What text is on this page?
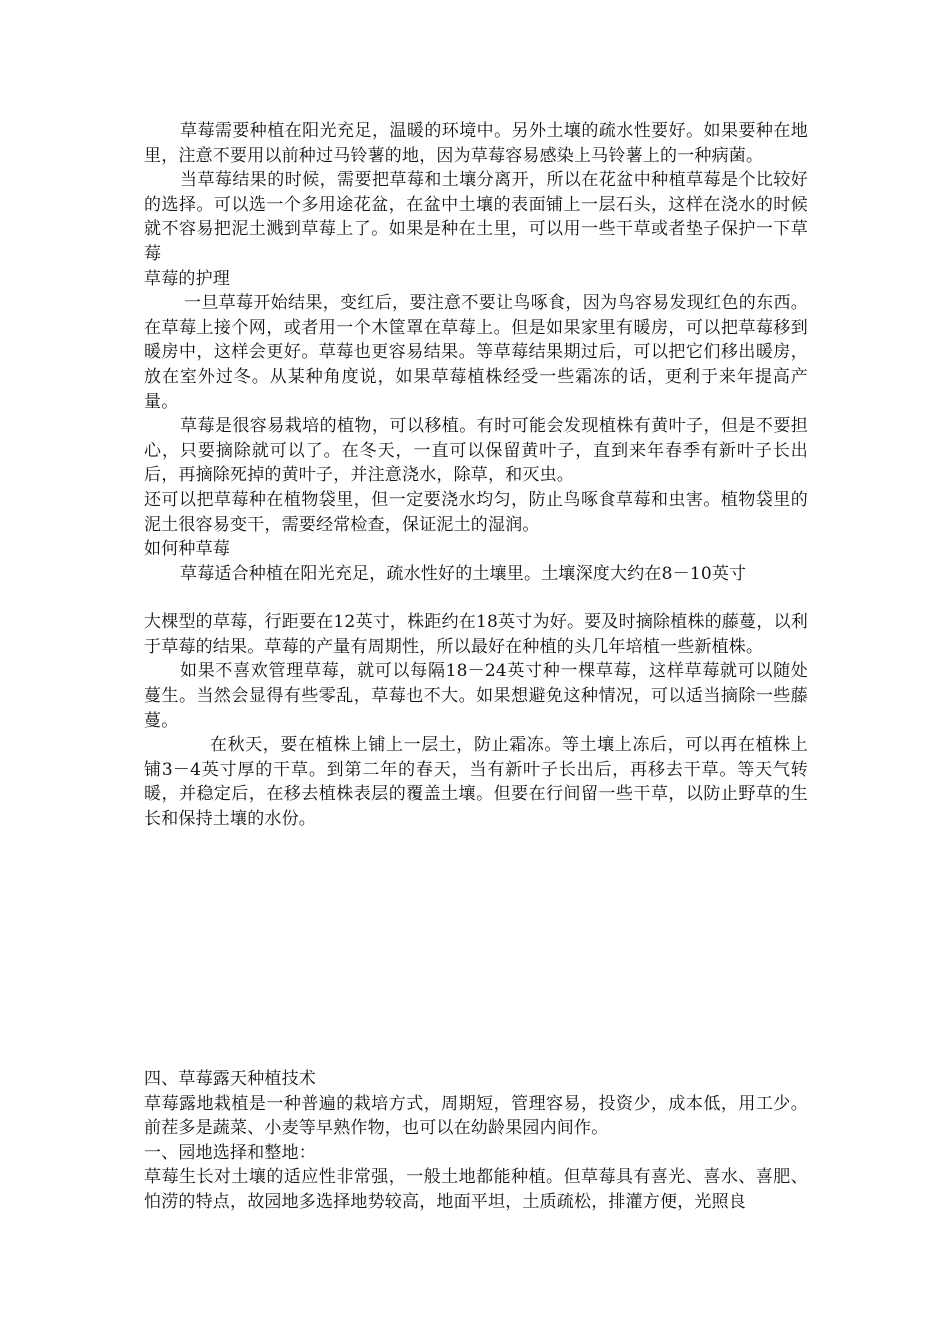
草莓需要种植在阳光充足，温暖的环境中。另外土壤的疏水性要好。如果要种在地里，注意不要用以前种过马铃薯的地，因为草莓容易感染上马铃薯上的一种病菌。

当草莓结果的时候，需要把草莓和土壤分离开，所以在花盆中种植草莓是个比较好的选择。可以选一个多用途花盆，在盆中土壤的表面铺上一层石头，这样在浇水的时候就不容易把泥土溅到草莓上了。如果是种在土里，可以用一些干草或者垫子保护一下草莓

草莓的护理

一旦草莓开始结果，变红后，要注意不要让鸟啄食，因为鸟容易发现红色的东西。在草莓上接个网，或者用一个木筐罩在草莓上。但是如果家里有暖房，可以把草莓移到暖房中，这样会更好。草莓也更容易结果。等草莓结果期过后，可以把它们移出暖房，放在室外过冬。从某种角度说，如果草莓植株经受一些霜冻的话，更利于来年提高产量。

草莓是很容易栽培的植物，可以移植。有时可能会发现植株有黄叶子，但是不要担心，只要摘除就可以了。在冬天，一直可以保留黄叶子，直到来年春季有新叶子长出后，再摘除死掉的黄叶子，并注意浇水，除草，和灭虫。

还可以把草莓种在植物袋里，但一定要浇水均匀，防止鸟啄食草莓和虫害。植物袋里的泥土很容易变干，需要经常检查，保证泥土的湿润。

如何种草莓

草莓适合种植在阳光充足，疏水性好的土壤里。土壤深度大约在8－10英寸

大棵型的草莓，行距要在12英寸，株距约在18英寸为好。要及时摘除植株的藤蔓，以利于草莓的结果。草莓的产量有周期性，所以最好在种植的头几年培植一些新植株。

如果不喜欢管理草莓，就可以每隔18－24英寸种一棵草莓，这样草莓就可以随处蔓生。当然会显得有些零乱，草莓也不大。如果想避免这种情况，可以适当摘除一些藤蔓。

在秋天，要在植株上铺上一层土，防止霜冻。等土壤上冻后，可以再在植株上铺3－4英寸厚的干草。到第二年的春天，当有新叶子长出后，再移去干草。等天气转暖，并稳定后，在移去植株表层的覆盖土壤。但要在行间留一些干草，以防止野草的生长和保持土壤的水份。

四、草莓露天种植技术

草莓露地栽植是一种普遍的栽培方式，周期短，管理容易，投资少，成本低，用工少。前茬多是蔬菜、小麦等早熟作物，也可以在幼龄果园内间作。

一、园地选择和整地：

草莓生长对土壤的适应性非常强，一般土地都能种植。但草莓具有喜光、喜水、喜肥、怕涝的特点，故园地多选择地势较高，地面平坦，土质疏松，排灌方便，光照良
